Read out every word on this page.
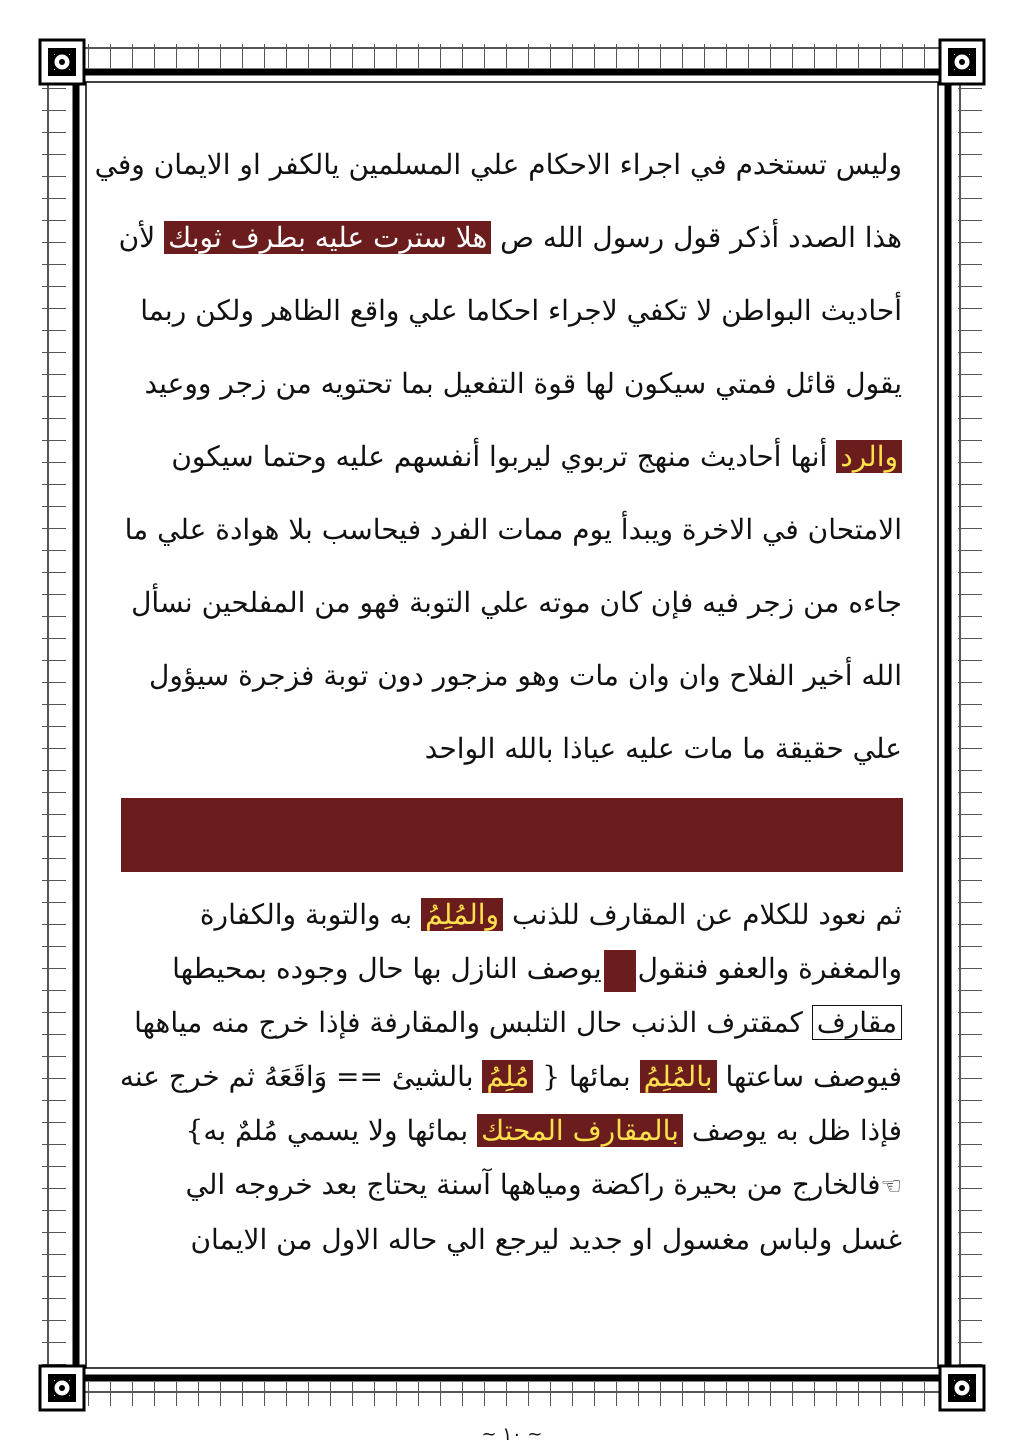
وليس تستخدم في اجراء الاحكام علي المسلمين يالكفر او الايمان وفي
هذا الصدد أذكر قول رسول الله ص هلا سترت عليه بطرف ثوبك لأن
أحاديث البواطن لا تكفي لاجراء احكاما علي واقع الظاهر ولكن ربما
يقول قائل فمتي سيكون لها قوة التفعيل بما تحتويه من زجر ووعيد
والرد أنها أحاديث منهج تربوي ليربوا أنفسهم عليه وحتما سيكون
الامتحان في الاخرة ويبدأ يوم ممات الفرد فيحاسب بلا هوادة علي ما
جاءه من زجر فيه فإن كان موته علي التوبة فهو من المفلحين نسأل
الله أخير الفلاح وان وان مات وهو مزجور دون توبة فزجرة سيؤول
علي حقيقة ما مات عليه عياذا بالله الواحد
ثم نعود للكلام عن المقارف للذنب والمُلِمُ به والتوبة والكفارة
والمغفرة والعفو فنقوليوصف النازل بها حال وجوده بمحيطها
مقارف كمقترف الذنب حال التلبس والمقارفة فإذا خرج منه مياهها
فيوصف ساعتها بالمُلِمُ بمائها { مُلِمُ بالشيئ == وَاقَعَهُ ثم خرج عنه
فإذا ظل به يوصف بالمقارف المحتك بمائها ولا يسمي مُلمٌ به}
☜فالخارج من بحيرة راكضة ومياهها آسنة يحتاج بعد خروجه الي
غسل ولباس مغسول او جديد ليرجع الي حاله الاول من الايمان
~ ١٠ ~
